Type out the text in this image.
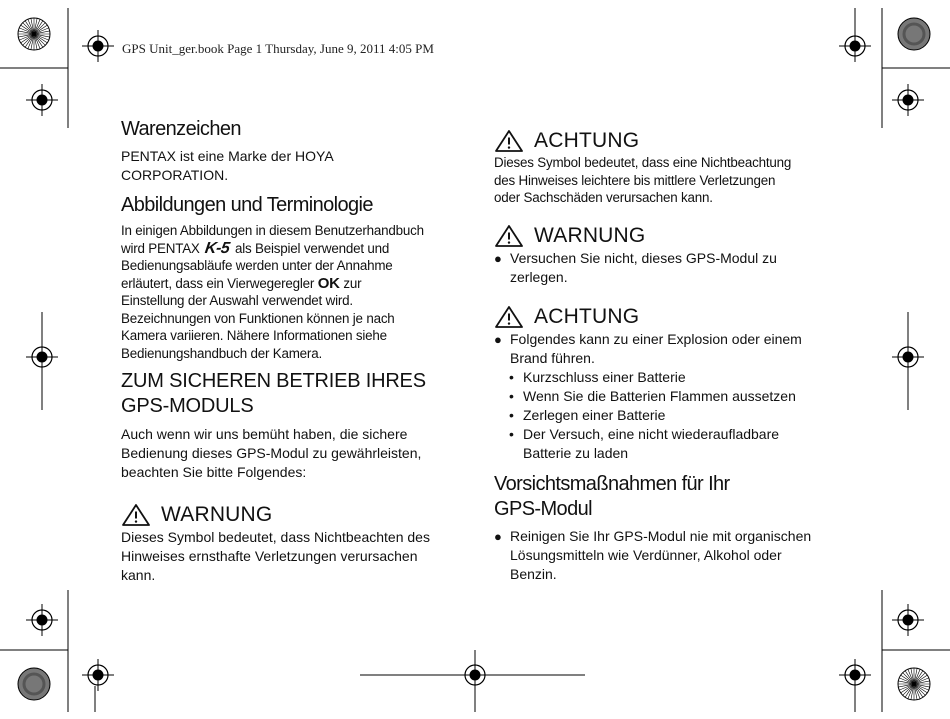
GPS Unit_ger.book Page 1 Thursday, June 9, 2011 4:05 PM
Warenzeichen

PENTAX ist eine Marke der HOYA

CORPORATION.

Abbildungen und Terminologie

In einigen Abbildungen in diesem Benutzerhandbuch

wird PENTAX K-5 als Beispiel verwendet und

Bedienungsabläufe werden unter der Annahme

erläutert, dass ein Vierwegeregler OK zur

Einstellung der Auswahl verwendet wird.

Bezeichnungen von Funktionen können je nach

Kamera variieren. Nähere Informationen siehe

Bedienungshandbuch der Kamera.

ZUM SICHEREN BETRIEB IHRES
GPS-MODULS

Auch wenn wir uns bemüht haben, die sichere

Bedienung dieses GPS-Modul zu gewährleisten,

beachten Sie bitte Folgendes:

WARNUNG

Dieses Symbol bedeutet, dass Nichtbeachten des

Hinweises ernsthafte Verletzungen verursachen

kann.

ACHTUNG

Dieses Symbol bedeutet, dass eine Nichtbeachtung

des Hinweises leichtere bis mittlere Verletzungen

oder Sachschäden verursachen kann.

WARNUNG
● Versuchen Sie nicht, dieses GPS-Modul zu
zerlegen.
ACHTUNG
● Folgendes kann zu einer Explosion oder einem
Brand führen.
• Kurzschluss einer Batterie
• Wenn Sie die Batterien Flammen aussetzen
• Zerlegen einer Batterie
• Der Versuch, eine nicht wiederaufladbare
Batterie zu laden
Vorsichtsmaßnahmen für Ihr
GPS-Modul
● Reinigen Sie Ihr GPS-Modul nie mit organischen
Lösungsmitteln wie Verdünner, Alkohol oder
Benzin.
